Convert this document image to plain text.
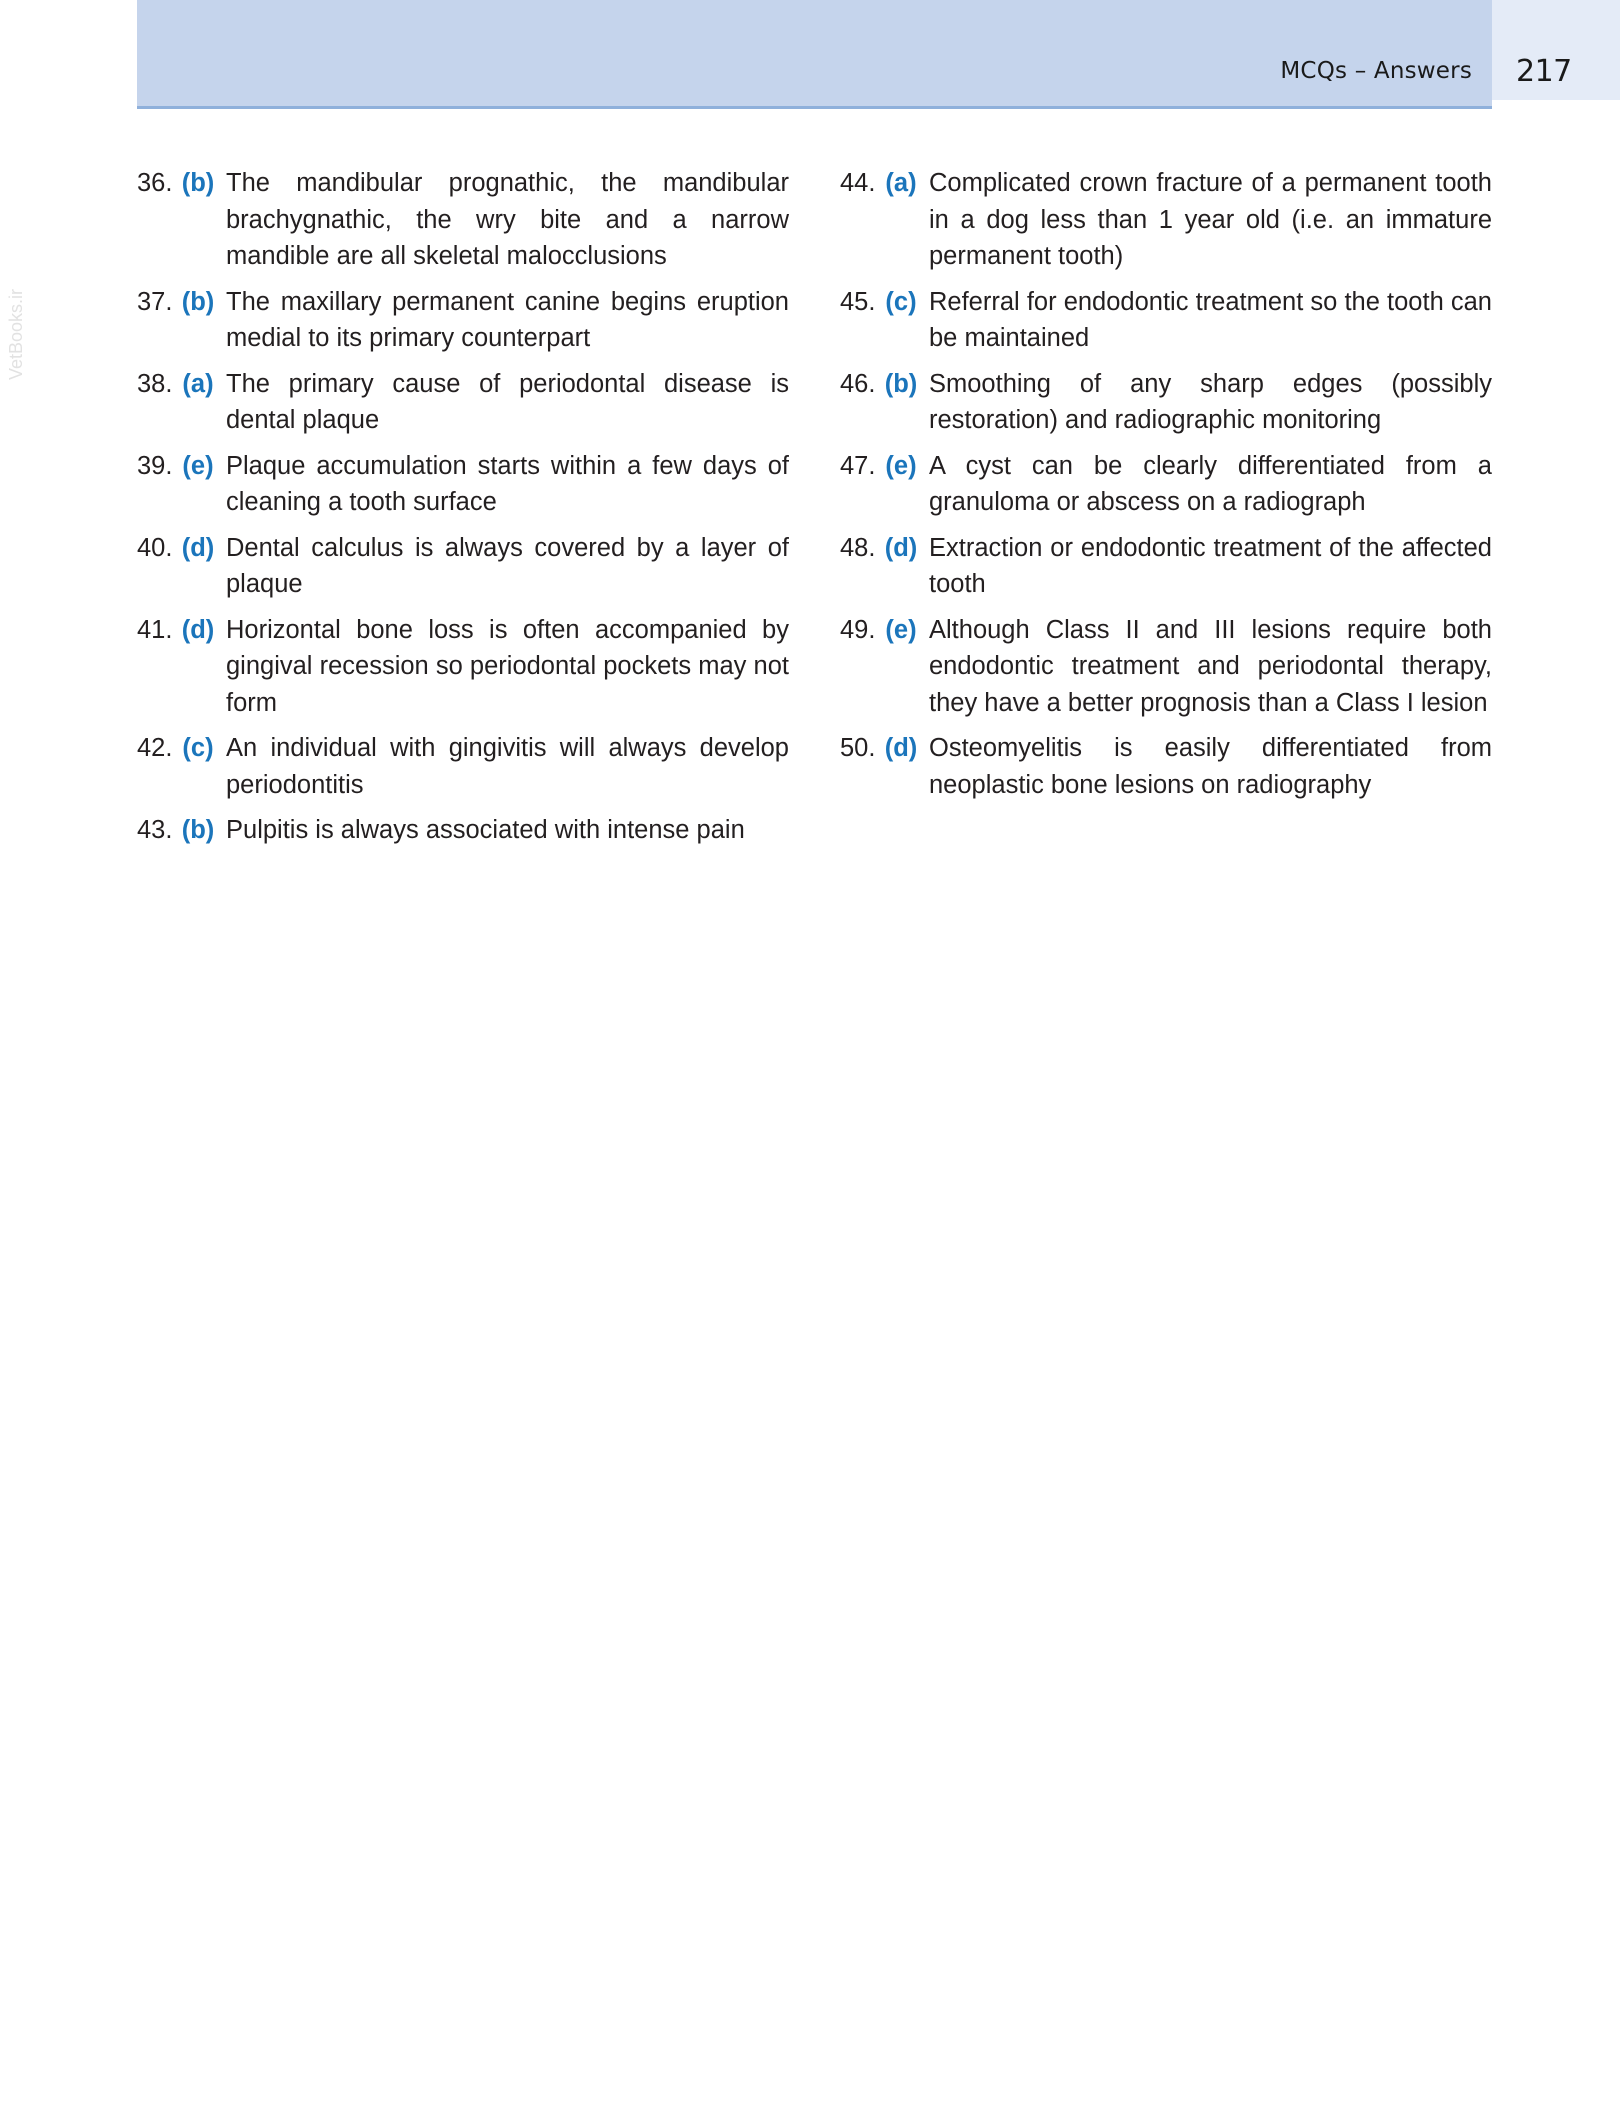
MCQs – Answers 217
VetBooks.ir
36. (b) The mandibular prognathic, the mandibular brachygnathic, the wry bite and a narrow mandible are all skeletal malocclusions
37. (b) The maxillary permanent canine begins eruption medial to its primary counterpart
38. (a) The primary cause of periodontal disease is dental plaque
39. (e) Plaque accumulation starts within a few days of cleaning a tooth surface
40. (d) Dental calculus is always covered by a layer of plaque
41. (d) Horizontal bone loss is often accompanied by gingival recession so periodontal pockets may not form
42. (c) An individual with gingivitis will always develop periodontitis
43. (b) Pulpitis is always associated with intense pain
44. (a) Complicated crown fracture of a permanent tooth in a dog less than 1 year old (i.e. an immature permanent tooth)
45. (c) Referral for endodontic treatment so the tooth can be maintained
46. (b) Smoothing of any sharp edges (possibly restoration) and radiographic monitoring
47. (e) A cyst can be clearly differentiated from a granuloma or abscess on a radiograph
48. (d) Extraction or endodontic treatment of the affected tooth
49. (e) Although Class II and III lesions require both endodontic treatment and periodontal therapy, they have a better prognosis than a Class I lesion
50. (d) Osteomyelitis is easily differentiated from neoplastic bone lesions on radiography
